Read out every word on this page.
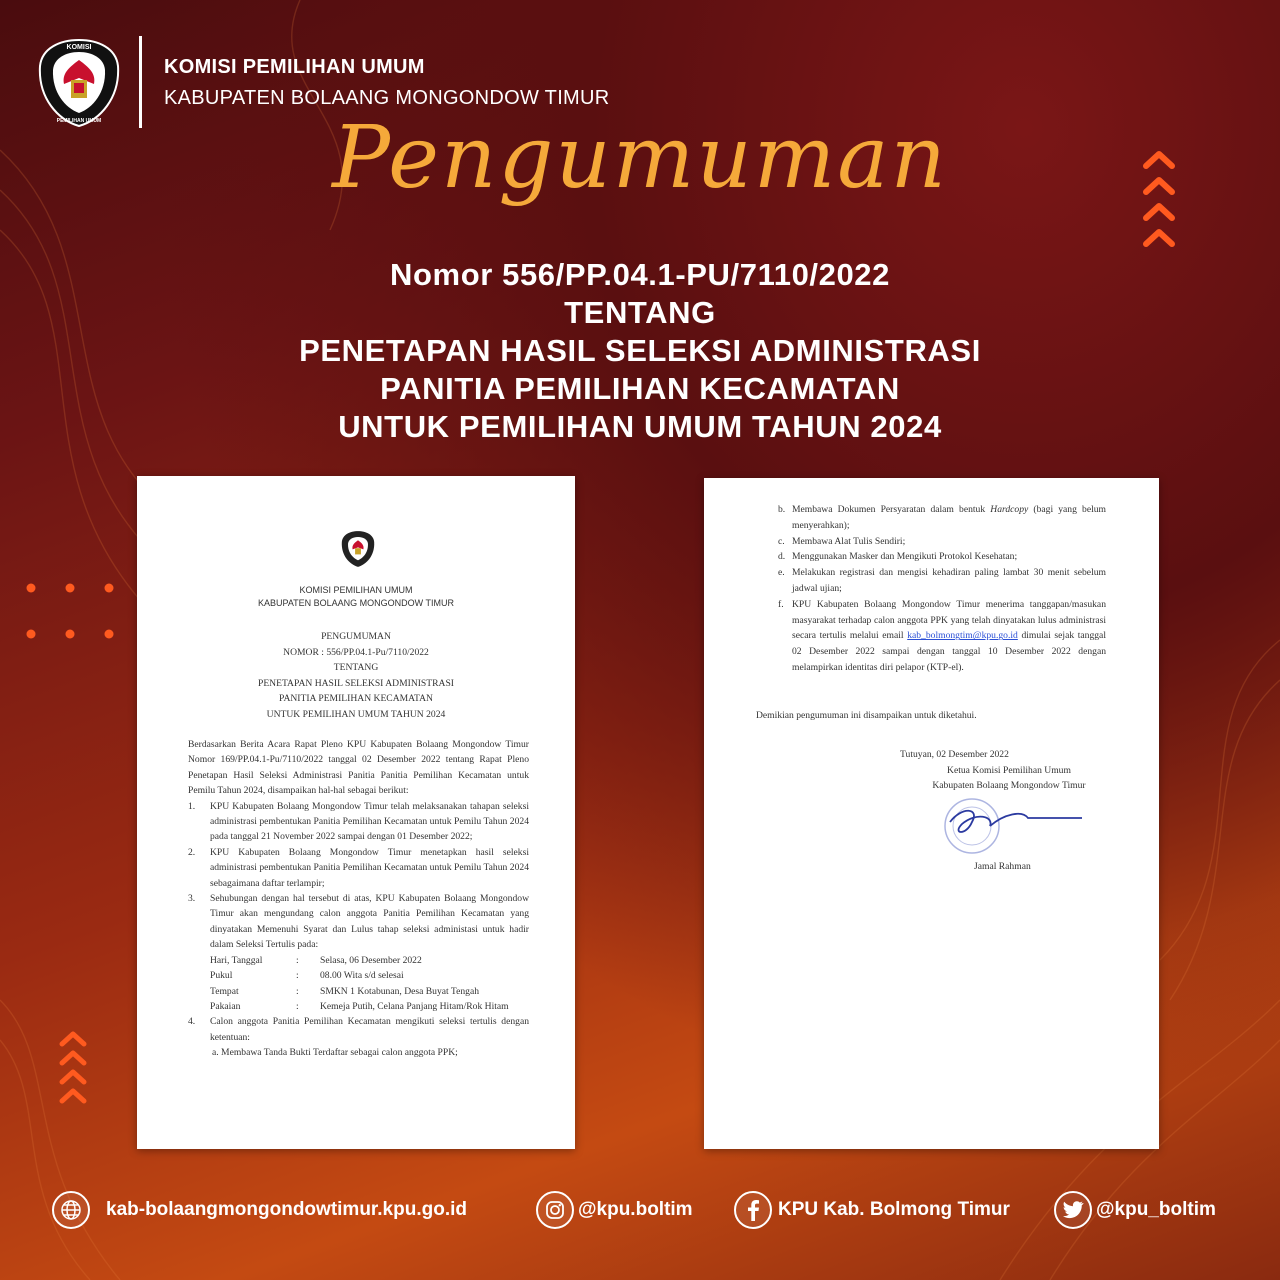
KOMISI
PEMILIHAN UMUM
KOMISI PEMILIHAN UMUM
KABUPATEN BOLAANG MONGONDOW TIMUR
Pengumuman
Nomor 556/PP.04.1-PU/7110/2022
TENTANG
PENETAPAN HASIL SELEKSI ADMINISTRASI
PANITIA PEMILIHAN KECAMATAN
UNTUK PEMILIHAN UMUM TAHUN 2024
KOMISI PEMILIHAN UMUM
KABUPATEN BOLAANG MONGONDOW TIMUR
PENGUMUMAN
NOMOR : 556/PP.04.1-Pu/7110/2022
TENTANG
PENETAPAN HASIL SELEKSI ADMINISTRASI
PANITIA PEMILIHAN KECAMATAN
UNTUK PEMILIHAN UMUM TAHUN 2024
Berdasarkan Berita Acara Rapat Pleno KPU Kabupaten Bolaang Mongondow Timur Nomor 169/PP.04.1-Pu/7110/2022 tanggal 02 Desember 2022 tentang Rapat Pleno Penetapan Hasil Seleksi Administrasi Panitia Panitia Pemilihan Kecamatan untuk Pemilu Tahun 2024, disampaikan hal-hal sebagai berikut:
1.	KPU Kabupaten Bolaang Mongondow Timur telah melaksanakan tahapan seleksi administrasi pembentukan Panitia Pemilihan Kecamatan untuk Pemilu Tahun 2024 pada tanggal 21 November 2022 sampai dengan 01 Desember 2022;
2.	KPU Kabupaten Bolaang Mongondow Timur menetapkan hasil seleksi administrasi pembentukan Panitia Pemilihan Kecamatan untuk Pemilu Tahun 2024 sebagaimana daftar terlampir;
3.	Sehubungan dengan hal tersebut di atas, KPU Kabupaten Bolaang Mongondow Timur akan mengundang calon anggota Panitia Pemilihan Kecamatan yang dinyatakan Memenuhi Syarat dan Lulus tahap seleksi administasi untuk hadir dalam Seleksi Tertulis pada:
Hari, Tanggal	:	Selasa, 06 Desember 2022
Pukul	:	08.00 Wita s/d selesai
Tempat	:	SMKN 1 Kotabunan, Desa Buyat Tengah
Pakaian	:	Kemeja Putih, Celana Panjang Hitam/Rok Hitam
4.	Calon anggota Panitia Pemilihan Kecamatan mengikuti seleksi tertulis dengan ketentuan:
a. Membawa Tanda Bukti Terdaftar sebagai calon anggota PPK;
b. Membawa Dokumen Persyaratan dalam bentuk Hardcopy (bagi yang belum menyerahkan);
c. Membawa Alat Tulis Sendiri;
d. Menggunakan Masker dan Mengikuti Protokol Kesehatan;
e. Melakukan registrasi dan mengisi kehadiran paling lambat 30 menit sebelum jadwal ujian;
f. KPU Kabupaten Bolaang Mongondow Timur menerima tanggapan/masukan masyarakat terhadap calon anggota PPK yang telah dinyatakan lulus administrasi secara tertulis melalui email kab_bolmongtim@kpu.go.id dimulai sejak tanggal 02 Desember 2022 sampai dengan tanggal 10 Desember 2022 dengan melampirkan identitas diri pelapor (KTP-el).
Demikian pengumuman ini disampaikan untuk diketahui.
Tutuyan, 02 Desember 2022
Ketua Komisi Pemilihan Umum
Kabupaten Bolaang Mongondow Timur
Jamal Rahman
kab-bolaangmongondowtimur.kpu.go.id	@kpu.boltim	KPU Kab. Bolmong Timur	@kpu_boltim
